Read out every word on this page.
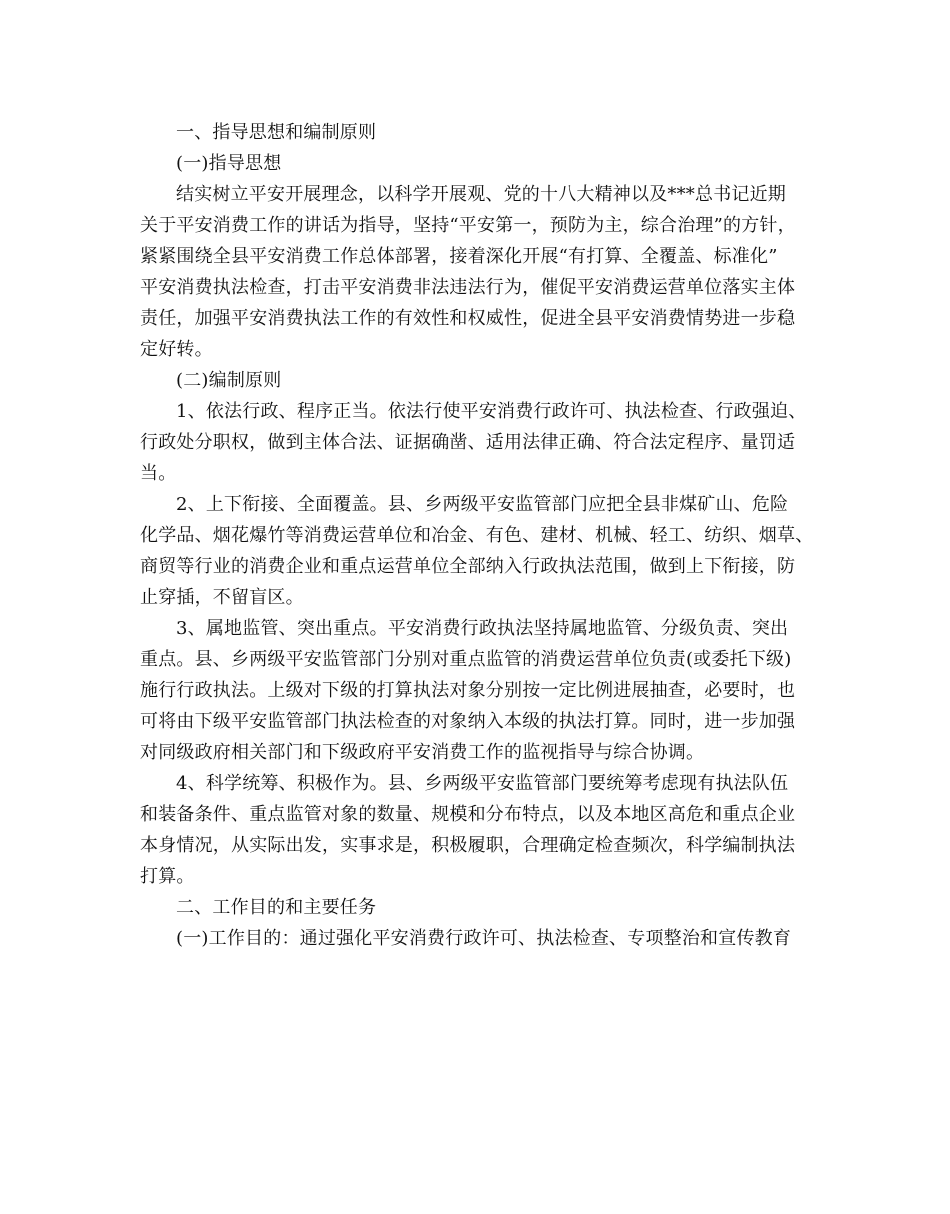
一、指导思想和编制原则
(一)指导思想
结实树立平安开展理念，以科学开展观、党的十八大精神以及***总书记近期
关于平安消费工作的讲话为指导，坚持“平安第一，预防为主，综合治理”的方针，
紧紧围绕全县平安消费工作总体部署，接着深化开展“有打算、全覆盖、标准化”
平安消费执法检查，打击平安消费非法违法行为，催促平安消费运营单位落实主体
责任，加强平安消费执法工作的有效性和权威性，促进全县平安消费情势进一步稳
定好转。
(二)编制原则
1、依法行政、程序正当。依法行使平安消费行政许可、执法检查、行政强迫、
行政处分职权，做到主体合法、证据确凿、适用法律正确、符合法定程序、量罚适
当。
2、上下衔接、全面覆盖。县、乡两级平安监管部门应把全县非煤矿山、危险
化学品、烟花爆竹等消费运营单位和冶金、有色、建材、机械、轻工、纺织、烟草、
商贸等行业的消费企业和重点运营单位全部纳入行政执法范围，做到上下衔接，防
止穿插，不留盲区。
3、属地监管、突出重点。平安消费行政执法坚持属地监管、分级负责、突出
重点。县、乡两级平安监管部门分别对重点监管的消费运营单位负责(或委托下级)
施行行政执法。上级对下级的打算执法对象分别按一定比例进展抽查，必要时，也
可将由下级平安监管部门执法检查的对象纳入本级的执法打算。同时，进一步加强
对同级政府相关部门和下级政府平安消费工作的监视指导与综合协调。
4、科学统筹、积极作为。县、乡两级平安监管部门要统筹考虑现有执法队伍
和装备条件、重点监管对象的数量、规模和分布特点，以及本地区高危和重点企业
本身情况，从实际出发，实事求是，积极履职，合理确定检查频次，科学编制执法
打算。
二、工作目的和主要任务
(一)工作目的：通过强化平安消费行政许可、执法检查、专项整治和宣传教育
